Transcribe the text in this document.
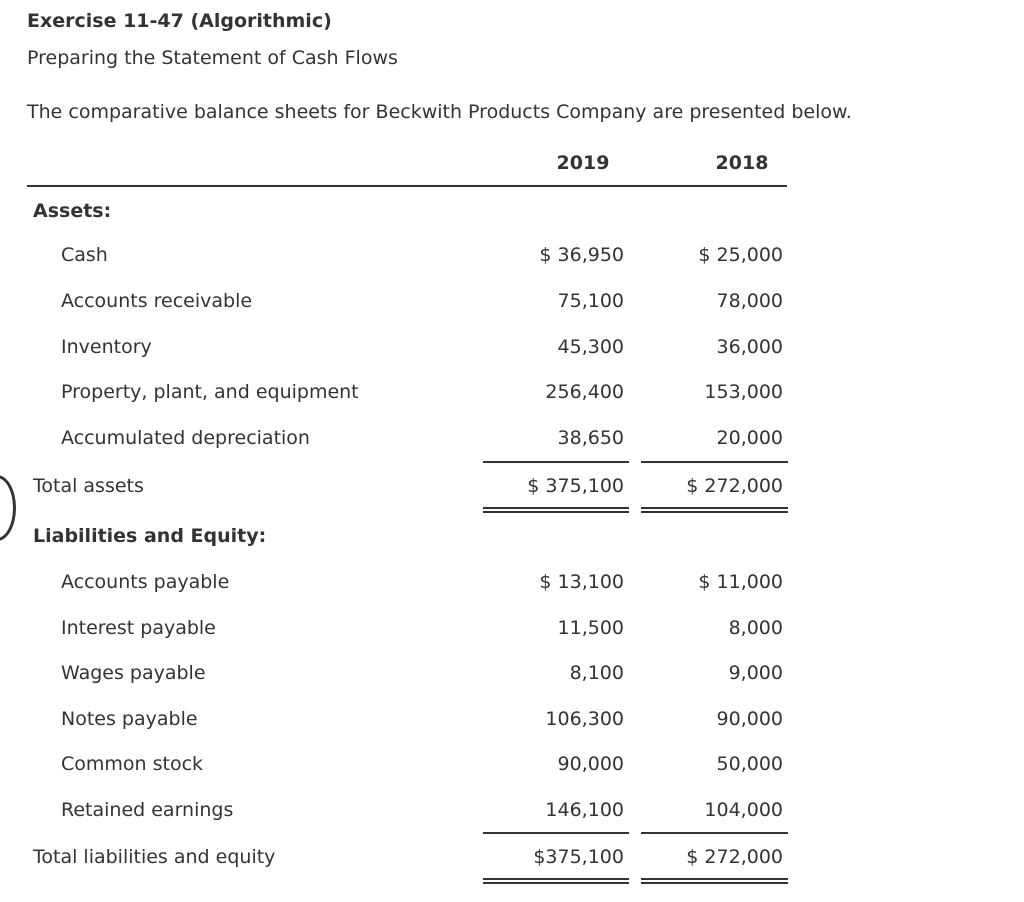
Exercise 11-47 (Algorithmic)
Preparing the Statement of Cash Flows
The comparative balance sheets for Beckwith Products Company are presented below.
2019	2018
Assets:
Cash	$ 36,950	$ 25,000
Accounts receivable	75,100	78,000
Inventory	45,300	36,000
Property, plant, and equipment	256,400	153,000
Accumulated depreciation	38,650	20,000
Total assets	$ 375,100	$ 272,000
Liabilities and Equity:
Accounts payable	$ 13,100	$ 11,000
Interest payable	11,500	8,000
Wages payable	8,100	9,000
Notes payable	106,300	90,000
Common stock	90,000	50,000
Retained earnings	146,100	104,000
Total liabilities and equity	$375,100	$ 272,000
